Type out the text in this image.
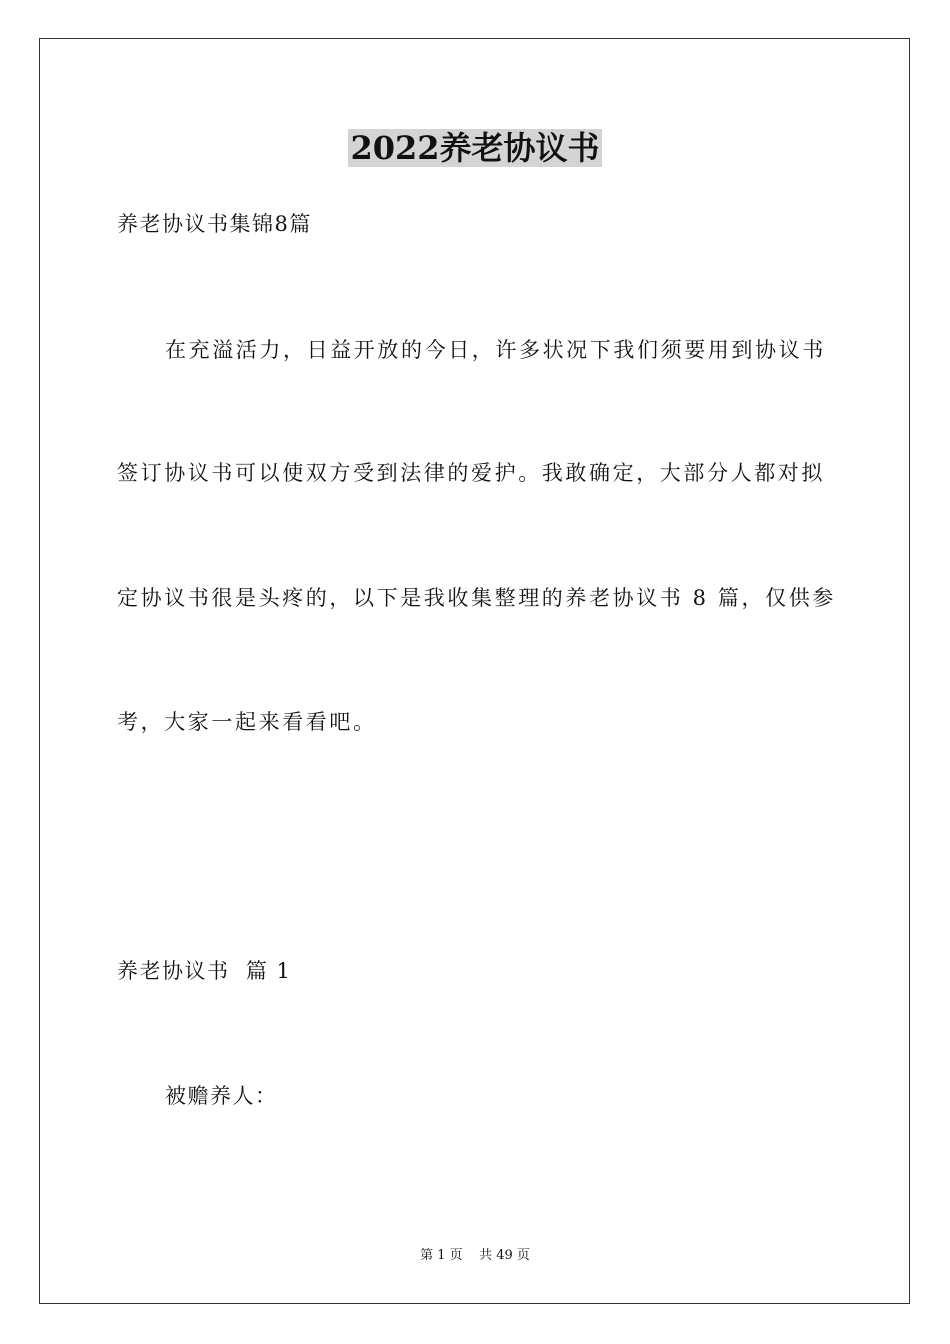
2022养老协议书
养老协议书集锦8篇
在充溢活力，日益开放的今日，许多状况下我们须要用到协议书
签订协议书可以使双方受到法律的爱护。我敢确定，大部分人都对拟
定协议书很是头疼的，以下是我收集整理的养老协议书 8 篇，仅供参
考，大家一起来看看吧。
养老协议书  篇 1
被赡养人：
第 1 页    共 49 页
